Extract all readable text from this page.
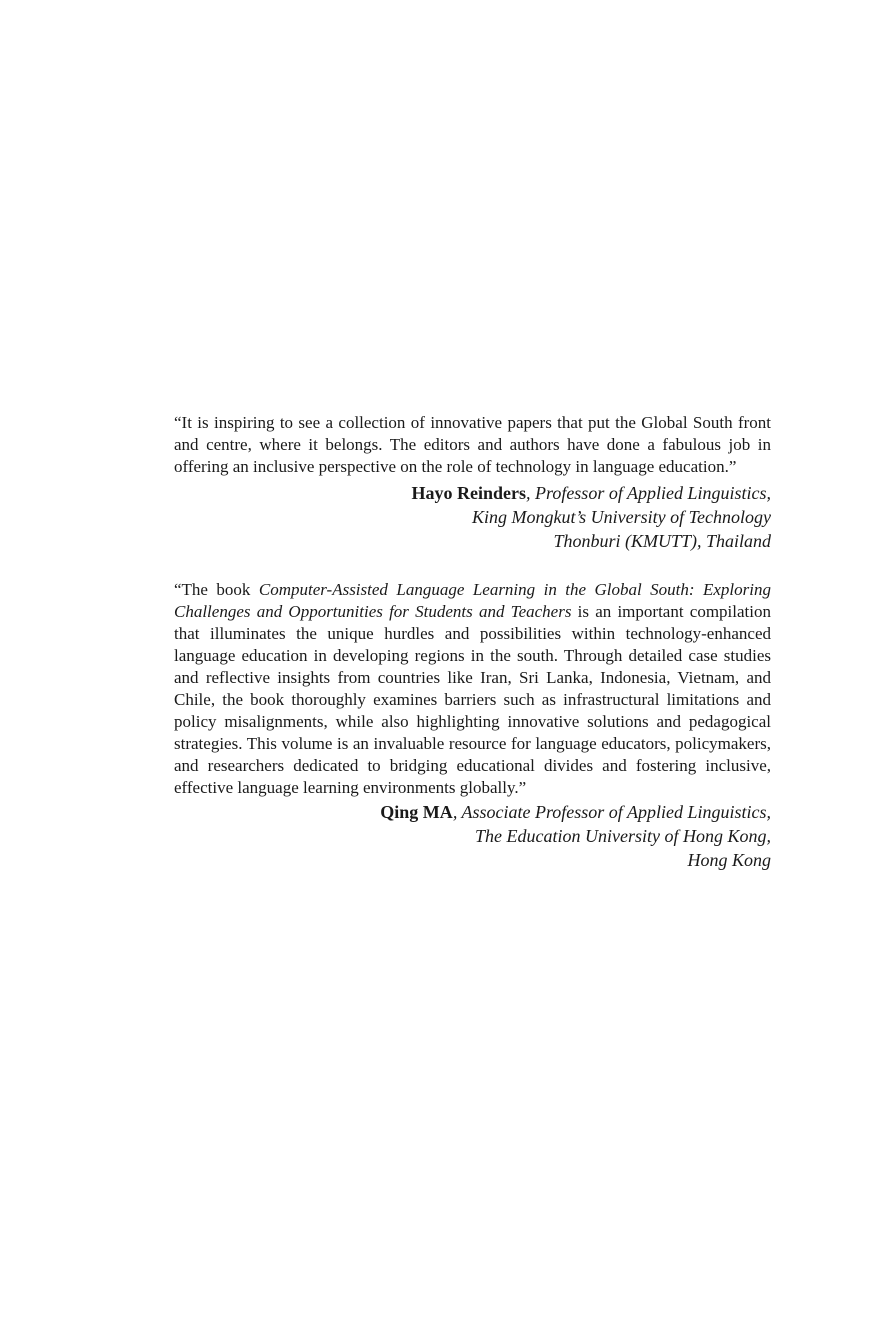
“It is inspiring to see a collection of innovative papers that put the Global South front and centre, where it belongs. The editors and authors have done a fabulous job in offering an inclusive perspective on the role of technology in language education.”

Hayo Reinders, Professor of Applied Linguistics,
King Mongkut’s University of Technology
Thonburi (KMUTT), Thailand

“The book Computer-Assisted Language Learning in the Global South: Exploring Challenges and Opportunities for Students and Teachers is an important compilation that illuminates the unique hurdles and possibilities within technology-enhanced language education in developing regions in the south. Through detailed case studies and reflective insights from countries like Iran, Sri Lanka, Indonesia, Vietnam, and Chile, the book thoroughly examines barriers such as infrastructural limitations and policy misalignments, while also highlighting innovative solutions and pedagogical strategies. This volume is an invaluable resource for language educators, policymakers, and researchers dedicated to bridging educational divides and fostering inclusive, effective language learning environments globally.”

Qing MA, Associate Professor of Applied Linguistics,
The Education University of Hong Kong,
Hong Kong
